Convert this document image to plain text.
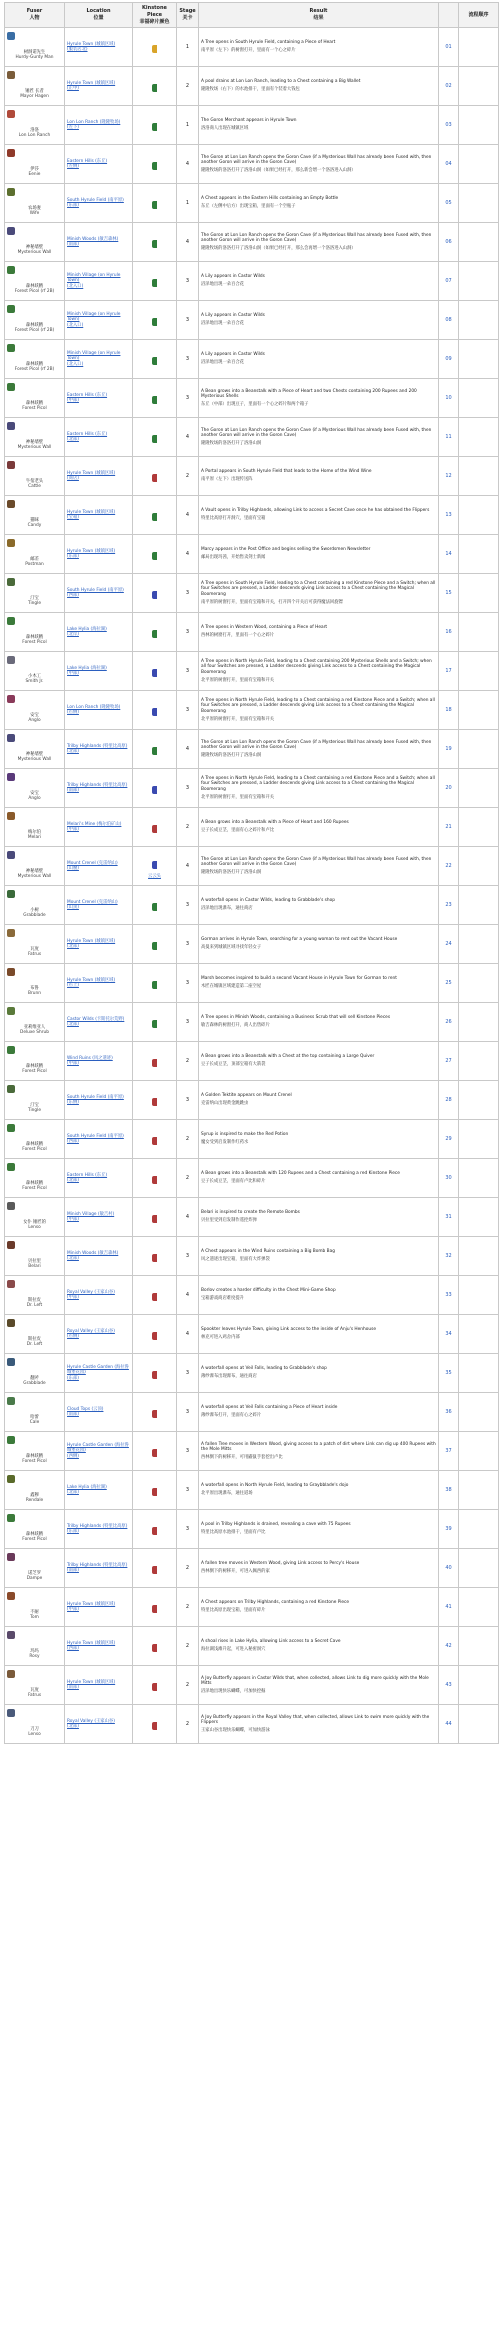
Fuser
人物	Location
位置	Kinstone Piece
幸福碎片颜色	Stage
关卡	Result
结果		流程顺序

树洞诺先生
Hurdy-Gurdy Man	Hyrule Town (城镇区域)
(服装店北)		1	A Tree opens in South Hyrule Field, containing a Piece of Heart
南平原（左下）的树窗打开，里面有一个心之碎片	01	

锤匠 长者
Mayor Hagen	Hyrule Town (城镇区域)
(正中)		2	A pool drains at Lon Lon Ranch, leading to a Chest containing a Big Wallet
隆隆牧场（右下）的水池排干，里面有个装着大钱包	02	

洛洛
Lon Lon Ranch	Lon Lon Ranch (隆隆牧场)
(左下)		1	The Goron Merchant appears in Hyrule Town
洛洛商人出现在城镇区域	03	

伊莎
Eenie	Eastern Hills (东丘)
(左侧)		4	The Goron at Lon Lon Ranch opens the Goron Cave (if a Mysterious Wall has already been Fused with, then another Goron will arrive in the Goron Cave)
隆隆牧场的洛洛打开了洛洛山洞（如果已经打开，那么新会增一个洛洛进入山洞）	04	

农场妻
Wife	South Hyrule Field (南平原)
(东部)		1	A Chest appears in the Eastern Hills containing an Empty Bottle
东丘（左侧中后方）出现宝箱，里面有一个空瓶子	05	

神秘墙壁
Mysterious Wall	Minish Woods (敏吉森林)
(南部)		4	The Goron at Lon Lon Ranch opens the Goron Cave (if a Mysterious Wall has already been Fused with, then another Goron will arrive in the Goron Cave)
隆隆牧场的洛洛打开了洛洛山洞（如果已经打开，那么会再增一个洛洛进入山洞）	06	

森林妖精
Forest Picol (rf 2B)	Minish Village (on Hyrule Town)
(北入口)		3	A Lily appears in Castor Wilds
沼泽地出现一朵百合花	07	

森林妖精
Forest Picol (rf 2B)	Minish Village (on Hyrule Town)
(北入口)		3	A Lily appears in Castor Wilds
沼泽地出现一朵百合花	08	

森林妖精
Forest Picol (rf 2B)	Minish Village (on Hyrule Town)
(北入口)		3	A Lily appears in Castor Wilds
沼泽地出现一朵百合花	09	

森林妖精
Forest Picol	Eastern Hills (东丘)
(中部)		3	A Bean grows into a Beanstalk with a Piece of Heart and two Chests containing 200 Rupees and 200 Mysterious Shells
东丘（中部）出现豆子，里面有一个心之碎片和两个箱子	10	

神秘墙壁
Mysterious Wall	Eastern Hills (东丘)
(北部)		4	The Goron at Lon Lon Ranch opens the Goron Cave (if a Mysterious Wall has already been Fused with, then another Goron will arrive in the Goron Cave)
隆隆牧场的洛洛打开了洛洛山洞	11	

牛倌老头
Cattle	Hyrule Town (城镇区域)
(商店)		2	A Portal appears in South Hyrule Field that leads to the Home of the Wind Wine
南平原（左下）出现传送阵	12	

猫咪
Candy	Hyrule Town (城镇区域)
(宝箱)		4	A Vault opens in Trilby Highlands, allowing Link to access a Secret Cave once he has obtained the Flippers
特里比高原打开洞穴，里面有宝箱	13	

邮差
Postman	Hyrule Town (城镇区域)
(东部)		4	Marcy appears in the Post Office and begins selling the Swordsmen Newsletter
邮局出现玛茜，开始售卖剑士新闻	14	

汀宝
Tingle	South Hyrule Field (南平原)
(西部)		3	A Tree opens in South Hyrule Field, leading to a Chest containing a red Kinstone Piece and a Switch; when all four Switches are pressed, a Ladder descends giving Link access to a Chest containing the Magical Boomerang
南平原的树窗打开，里面有宝箱和开关，打开四个开关后可获得魔法回旋镖	15	

森林妖精
Forest Picol	Lake Hylia (海拉湖)
(北岸)		3	A Tree opens in Western Wood, containing a Piece of Heart
西林的树窗打开，里面有一个心之碎片	16	

小木工
Smith Jr.	Lake Hylia (海拉湖)
(中部)		3	A Tree opens in North Hyrule Field, leading to a Chest containing 200 Mysterious Shells and a Switch; when all four Switches are pressed, a Ladder descends giving Link access to a Chest containing the Magical Boomerang
北平原的树窗打开，里面有宝箱和开关	17	

安宝
Anglo	Lon Lon Ranch (隆隆牧场)
(右侧)		3	A Tree opens in North Hyrule Field, leading to a Chest containing a red Kinstone Piece and a Switch; when all four Switches are pressed, a Ladder descends giving Link access to a Chest containing the Magical Boomerang
北平原的树窗打开，里面有宝箱和开关	18	

神秘墙壁
Mysterious Wall	Trilby Highlands (特里比高原)
(北部)		4	The Goron at Lon Lon Ranch opens the Goron Cave (if a Mysterious Wall has already been Fused with, then another Goron will arrive in the Goron Cave)
隆隆牧场的洛洛打开了洛洛山洞	19	

安宝
Anglo	Trilby Highlands (特里比高原)
(南部)		3	A Tree opens in North Hyrule Field, leading to a Chest containing a red Kinstone Piece and a Switch; when all four Switches are pressed, a Ladder descends giving Link access to a Chest containing the Magical Boomerang
北平原的树窗打开，里面有宝箱和开关	20	

梅尔伯
Melari	Melari's Mine (梅尔伯矿山)
(中部)		2	A Bean grows into a Beanstalk with a Piece of Heart and 160 Rupees
豆子长成豆茎，里面有心之碎片和卢比	21	

神秘墙壁
Mysterious Wall	Mount Crenel (克雷纳山)
(山腰)	云云头	4	The Goron at Lon Lon Ranch opens the Goron Cave (if a Mysterious Wall has already been Fused with, then another Goron will arrive in the Goron Cave)
隆隆牧场的洛洛打开了洛洛山洞	22	

小树
Grabblade	Mount Crenel (克雷纳山)
(山顶)		3	A waterfall opens in Castor Wilds, leading to Grabblade's shop
沼泽地出现瀑布，通往商店	23	

瓦度
Fatrus	Hyrule Town (城镇区域)
(北部)		3	Gorman arrives in Hyrule Town, searching for a young woman to rent out the Vacant House
高曼来到城镇区域寻找年轻女子	24	

布鲁
Brunn	Hyrule Town (城镇区域)
(右上)		3	Marsh becomes inspired to build a second Vacant House in Hyrule Town for Gorman to rent
木匠在城镇区域建造第二座空屋	25	

亚莉维亚人
Deluxe Shrub	Castor Wilds (卡斯托尔荒野)
(北部)		3	A Tree opens in Minish Woods, containing a Business Scrub that will sell Kinstone Pieces
敏吉森林的树窗打开，商人出售碎片	26	

森林妖精
Forest Picol	Wind Ruins (风之遗迹)
(中部)		2	A Bean grows into a Beanstalk with a Chest at the top containing a Large Quiver
豆子长成豆茎，顶部宝箱有大箭袋	27	

汀宝
Tingle	South Hyrule Field (南平原)
(东侧)		3	A Golden Tektite appears on Mount Crenel
克雷纳山出现黄金跳跳虫	28	

森林妖精
Forest Picol	South Hyrule Field (南平原)
(西部)		2	Syrup is inspired to make the Red Potion
魔女受到启发制作红药水	29	

森林妖精
Forest Picol	Eastern Hills (东丘)
(北部)		2	A Bean grows into a Beanstalk with 120 Rupees and a Chest containing a red Kinstone Piece
豆子长成豆茎，里面有卢比和碎片	30	

女仆 锤匠的
Lenso	Minish Village (敏吉村)
(中部)		4	Belari is inspired to create the Remote Bombs
贝拉里受到启发制作遥控炸弹	31	

贝拉里
Belari	Minish Woods (敏吉森林)
(北部)		3	A Chest appears in the Wind Ruins containing a Big Bomb Bag
风之遗迹出现宝箱，里面有大炸弹袋	32	

斯拉皮
Dr. Left	Royal Valley (王家山谷)
(中部)		4	Borlov creates a harder difficulty in the Chest Mini-Game Shop
宝箱游戏商店难度提升	33	

斯拉皮
Dr. Left	Royal Valley (王家山谷)
(右侧)		4	Spookter leaves Hyrule Town, giving Link access to the inside of Anju's Henhouse
林克可进入鸡舍内部	34	

翻斧
Grabblade	Hyrule Castle Garden (海拉鲁城堡花园)
(东部)		3	A waterfall opens at Veil Falls, leading to Grabblade's shop
薄纱瀑布出现瀑布，通往商店	35	

哈蕾
Cale	Cloud Tops (云顶)
(南部)		3	A waterfall opens at Veil Falls containing a Piece of Heart inside
薄纱瀑布打开，里面有心之碎片	36	

森林妖精
Forest Picol	Hyrule Castle Garden (海拉鲁城堡花园)
(西侧)		3	A fallen Tree moves in Western Wood, giving access to a patch of dirt where Link can dig up 400 Rupees with the Mole Mitts
西林倒下的树移开，可用鼹鼠手套挖出卢比	37	

鑫穆
Rendale	Lake Hylia (海拉湖)
(北部)		3	A waterfall opens in North Hyrule Field, leading to Graybblade's dojo
北平原出现瀑布，通往道场	38	

森林妖精
Forest Picol	Trilby Highlands (特里比高原)
(东部)		3	A pool in Trilby Highlands is drained, revealing a cave with 75 Rupees
特里比高原水池排干，里面有卢比	39	

诺芝罗
Dampe	Trilby Highlands (特里比高原)
(南部)		2	A fallen tree moves in Western Wood, giving Link access to Percy's House
西林倒下的树移开，可进入佩西的家	40	

不耐
Tom	Hyrule Town (城镇区域)
(中部)		2	A Chest appears on Trilby Highlands, containing a red Kinstone Piece
特里比高原出现宝箱，里面有碎片	41	

玛玛
Rosy	Hyrule Town (城镇区域)
(西部)		2	A shoal rises in Lake Hylia, allowing Link access to a Secret Cave
海拉湖浅滩升起，可进入秘密洞穴	42	

瓦度
Fatrus	Hyrule Town (城镇区域)
(南部)		2	A Joy Butterfly appears in Castor Wilds that, when collected, allows Link to dig more quickly with the Mole Mitts
沼泽地出现快乐蝴蝶，可加快挖掘	43	

刀刀
Lenso	Royal Valley (王家山谷)
(北部)		2	A Joy Butterfly appears in the Royal Valley that, when collected, allows Link to swim more quickly with the Flippers
王家山谷出现快乐蝴蝶，可加快游泳	44	
